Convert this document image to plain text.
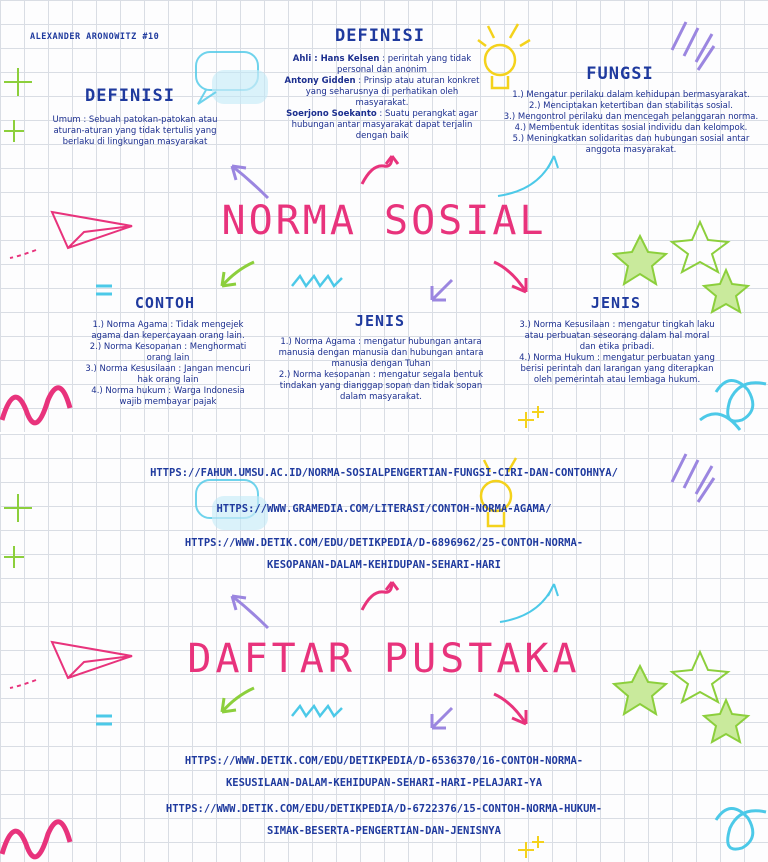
ALEXANDER ARONOWITZ #10
DEFINISI
Umum : Sebuah patokan-patokan atau aturan-aturan yang tidak tertulis yang berlaku di lingkungan masyarakat
DEFINISI
Ahli : Hans Kelsen : perintah yang tidak personal dan anonim
Antony Gidden : Prinsip atau aturan konkret yang seharusnya di perhatikan oleh masyarakat.
Soerjono Soekanto : Suatu perangkat agar hubungan antar masyarakat dapat terjalin dengan baik
FUNGSI
1.) Mengatur perilaku dalam kehidupan bermasyarakat.
2.) Menciptakan ketertiban dan stabilitas sosial.
3.) Mengontrol perilaku dan mencegah pelanggaran norma.
4.) Membentuk identitas sosial individu dan kelompok.
5.) Meningkatkan solidaritas dan hubungan sosial antar anggota masyarakat.
NORMA SOSIAL
CONTOH
1.) Norma Agama : Tidak mengejek agama dan kepercayaan orang lain.
2.) Norma Kesopanan : Menghormati orang lain
3.) Norma Kesusilaan : Jangan mencuri hak orang lain
4.) Norma hukum : Warga Indonesia wajib membayar pajak
JENIS
1.) Norma Agama : mengatur hubungan antara manusia dengan manusia dan hubungan antara manusia dengan Tuhan
2.) Norma kesopanan : mengatur segala bentuk tindakan yang dianggap sopan dan tidak sopan dalam masyarakat.
JENIS
3.) Norma Kesusilaan : mengatur tingkah laku atau perbuatan seseorang dalam hal moral dan etika pribadi.
4.) Norma Hukum : mengatur perbuatan yang berisi perintah dan larangan yang diterapkan oleh pemerintah atau lembaga hukum.
HTTPS://FAHUM.UMSU.AC.ID/NORMA-SOSIALPENGERTIAN-FUNGSI-CIRI-DAN-CONTOHNYA/
HTTPS://WWW.GRAMEDIA.COM/LITERASI/CONTOH-NORMA-AGAMA/
HTTPS://WWW.DETIK.COM/EDU/DETIKPEDIA/D-6896962/25-CONTOH-NORMA-
KESOPANAN-DALAM-KEHIDUPAN-SEHARI-HARI
DAFTAR PUSTAKA
HTTPS://WWW.DETIK.COM/EDU/DETIKPEDIA/D-6536370/16-CONTOH-NORMA-
KESUSILAAN-DALAM-KEHIDUPAN-SEHARI-HARI-PELAJARI-YA
HTTPS://WWW.DETIK.COM/EDU/DETIKPEDIA/D-6722376/15-CONTOH-NORMA-HUKUM-
SIMAK-BESERTA-PENGERTIAN-DAN-JENISNYA
